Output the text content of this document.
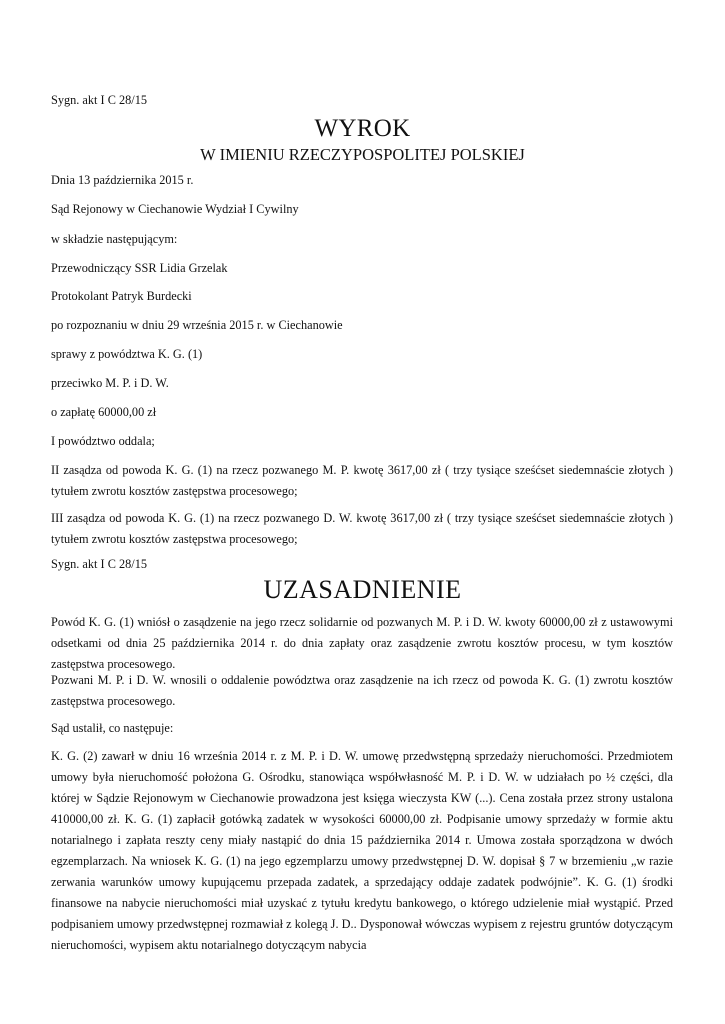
Sygn. akt I C 28/15
WYROK
W IMIENIU RZECZYPOSPOLITEJ POLSKIEJ
Dnia 13 października 2015 r.
Sąd Rejonowy w Ciechanowie Wydział I Cywilny
w składzie następującym:
Przewodniczący SSR Lidia Grzelak
Protokolant Patryk Burdecki
po rozpoznaniu w dniu 29 września 2015 r. w Ciechanowie
sprawy z powództwa K. G. (1)
przeciwko M. P. i D. W.
o zapłatę 60000,00 zł
I powództwo oddala;
II zasądza od powoda K. G. (1) na rzecz pozwanego M. P. kwotę 3617,00 zł ( trzy tysiące sześćset siedemnaście złotych ) tytułem zwrotu kosztów zastępstwa procesowego;
III zasądza od powoda K. G. (1) na rzecz pozwanego D. W. kwotę 3617,00 zł ( trzy tysiące sześćset siedemnaście złotych ) tytułem zwrotu kosztów zastępstwa procesowego;
Sygn. akt I C 28/15
UZASADNIENIE
Powód K. G. (1) wniósł o zasądzenie na jego rzecz solidarnie od pozwanych M. P. i D. W. kwoty 60000,00 zł z ustawowymi odsetkami od dnia 25 października 2014 r. do dnia zapłaty oraz zasądzenie zwrotu kosztów procesu, w tym kosztów zastępstwa procesowego.
Pozwani M. P. i D. W. wnosili o oddalenie powództwa oraz zasądzenie na ich rzecz od powoda K. G. (1) zwrotu kosztów zastępstwa procesowego.
Sąd ustalił, co następuje:
K. G. (2) zawarł w dniu 16 września 2014 r. z M. P. i D. W. umowę przedwstępną sprzedaży nieruchomości. Przedmiotem umowy była nieruchomość położona G. Ośrodku, stanowiąca współwłasność M. P. i D. W. w udziałach po ½ części, dla której w Sądzie Rejonowym w Ciechanowie prowadzona jest księga wieczysta KW (...). Cena została przez strony ustalona 410000,00 zł. K. G. (1) zapłacił gotówką zadatek w wysokości 60000,00 zł. Podpisanie umowy sprzedaży w formie aktu notarialnego i zapłata reszty ceny miały nastąpić do dnia 15 października 2014 r. Umowa została sporządzona w dwóch egzemplarzach. Na wniosek K. G. (1) na jego egzemplarzu umowy przedwstępnej D. W. dopisał § 7 w brzemieniu „w razie zerwania warunków umowy kupującemu przepada zadatek, a sprzedający oddaje zadatek podwójnie”. K. G. (1) środki finansowe na nabycie nieruchomości miał uzyskać z tytułu kredytu bankowego, o którego udzielenie miał wystąpić. Przed podpisaniem umowy przedwstępnej rozmawiał z kolegą J. D.. Dysponował wówczas wypisem z rejestru gruntów dotyczącym nieruchomości, wypisem aktu notarialnego dotyczącym nabycia
